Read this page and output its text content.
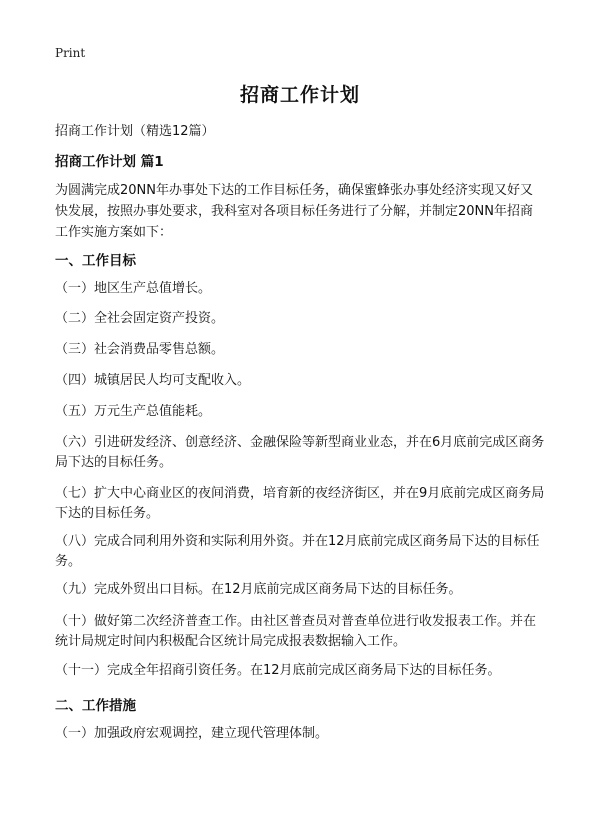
Print
招商工作计划
招商工作计划（精选12篇）
招商工作计划 篇1
为圆满完成20NN年办事处下达的工作目标任务，确保蜜蜂张办事处经济实现又好又快发展，按照办事处要求，我科室对各项目标任务进行了分解，并制定20NN年招商工作实施方案如下：
一、工作目标
（一）地区生产总值增长。
（二）全社会固定资产投资。
（三）社会消费品零售总额。
（四）城镇居民人均可支配收入。
（五）万元生产总值能耗。
（六）引进研发经济、创意经济、金融保险等新型商业业态，并在6月底前完成区商务局下达的目标任务。
（七）扩大中心商业区的夜间消费，培育新的夜经济街区，并在9月底前完成区商务局下达的目标任务。
（八）完成合同利用外资和实际利用外资。并在12月底前完成区商务局下达的目标任务。
（九）完成外贸出口目标。在12月底前完成区商务局下达的目标任务。
（十）做好第二次经济普查工作。由社区普查员对普查单位进行收发报表工作。并在统计局规定时间内积极配合区统计局完成报表数据输入工作。
（十一）完成全年招商引资任务。在12月底前完成区商务局下达的目标任务。
二、工作措施
（一）加强政府宏观调控，建立现代管理体制。
